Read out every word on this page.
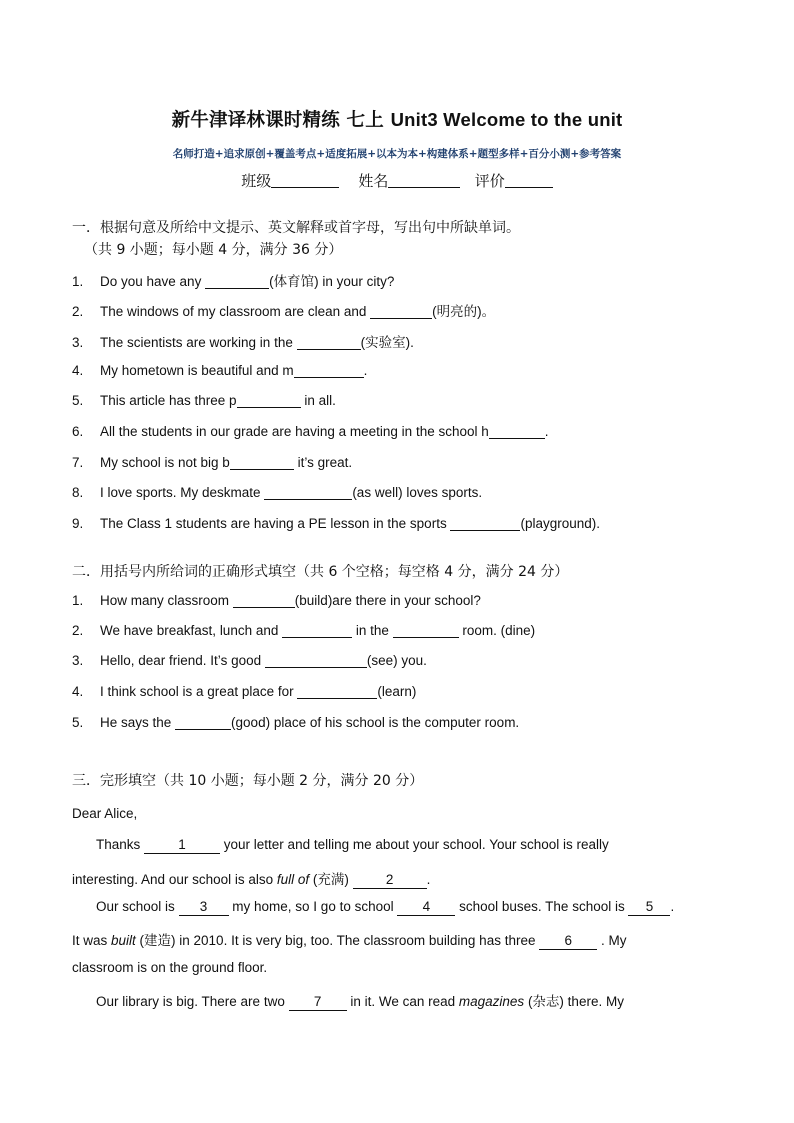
新牛津译林课时精练 七上 Unit3 Welcome to the unit
名师打造+追求原创+覆盖考点+适度拓展+以本为本+构建体系+题型多样+百分小测+参考答案
班级	姓名	评价
一．根据句意及所给中文提示、英文解释或首字母，写出句中所缺单词。
（共 9 小题；每小题 4 分，满分 36 分）
1. Do you have any	(体育馆) in your city?
2. The windows of my classroom are clean and	(明亮的)。
3. The scientists are working in the	(实验室).
4. My hometown is beautiful and m	.
5. This article has three p	in all.
6. All the students in our grade are having a meeting in the school h	.
7. My school is not big b	it’s great.
8. I love sports. My deskmate	(as well) loves sports.
9. The Class 1 students are having a PE lesson in the sports	(playground).
二．用括号内所给词的正确形式填空（共 6 个空格；每空格 4 分，满分 24 分）
1. How many classroom	(build)are there in your school?
2. We have breakfast, lunch and	in the	room. (dine)
3. Hello, dear friend. It’s good	(see) you.
4. I think school is a great place for	(learn)
5. He says the	(good) place of his school is the computer room.
三．完形填空（共 10 小题；每小题 2 分，满分 20 分）
Dear Alice,
Thanks	1	your letter and telling me about your school. Your school is really
interesting. And our school is also full of (充满) 2 .
Our school is 3 my home, so I go to school 4 school buses. The school is 5 .
It was built (建造) in 2010. It is very big, too. The classroom building has three 6 . My
classroom is on the ground floor.
Our library is big. There are two 7 in it. We can read magazines (杂志) there. My
